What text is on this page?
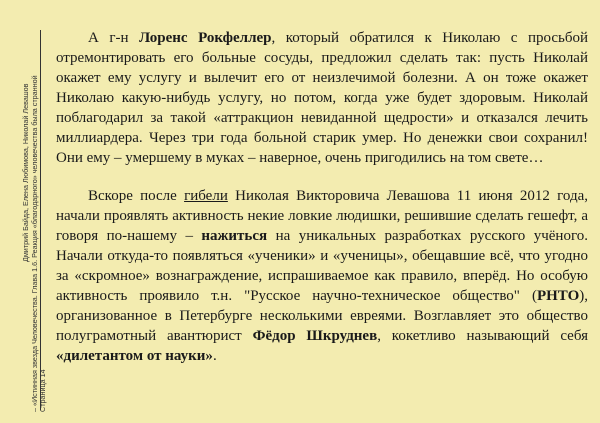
Дмитрий Байда, Елена Любимова, Николай Левашов – «Истинная звезда Человечества. Глава 1.6. Реакция «благодарного» человечества была странной Страница 14

А г-н Лоренс Рокфеллер, который обратился к Николаю с просьбой отремонтировать его больные сосуды, предложил сделать так: пусть Николай окажет ему услугу и вылечит его от неизлечимой болезни. А он тоже окажет Николаю какую-нибудь услугу, но потом, когда уже будет здоровым. Николай поблагодарил за такой «аттракцион невиданной щедрости» и отказался лечить миллиардера. Через три года больной старик умер. Но денежки свои сохранил! Они ему – умершему в муках – наверное, очень пригодились на том свете…

Вскоре после гибели Николая Викторовича Левашова 11 июня 2012 года, начали проявлять активность некие ловкие людишки, решившие сделать гешефт, а говоря по-нашему – нажиться на уникальных разработках русского учёного. Начали откуда-то появляться «ученики» и «ученицы», обещавшие всё, что угодно за «скромное» вознаграждение, испрашиваемое как правило, вперёд. Но особую активность проявило т.н. "Русское научно-техническое общество" (РНТО), организованное в Петербурге несколькими евреями. Возглавляет это общество полуграмотный авантюрист Фёдор Шкруднев, кокетливо называющий себя «дилетантом от науки».
